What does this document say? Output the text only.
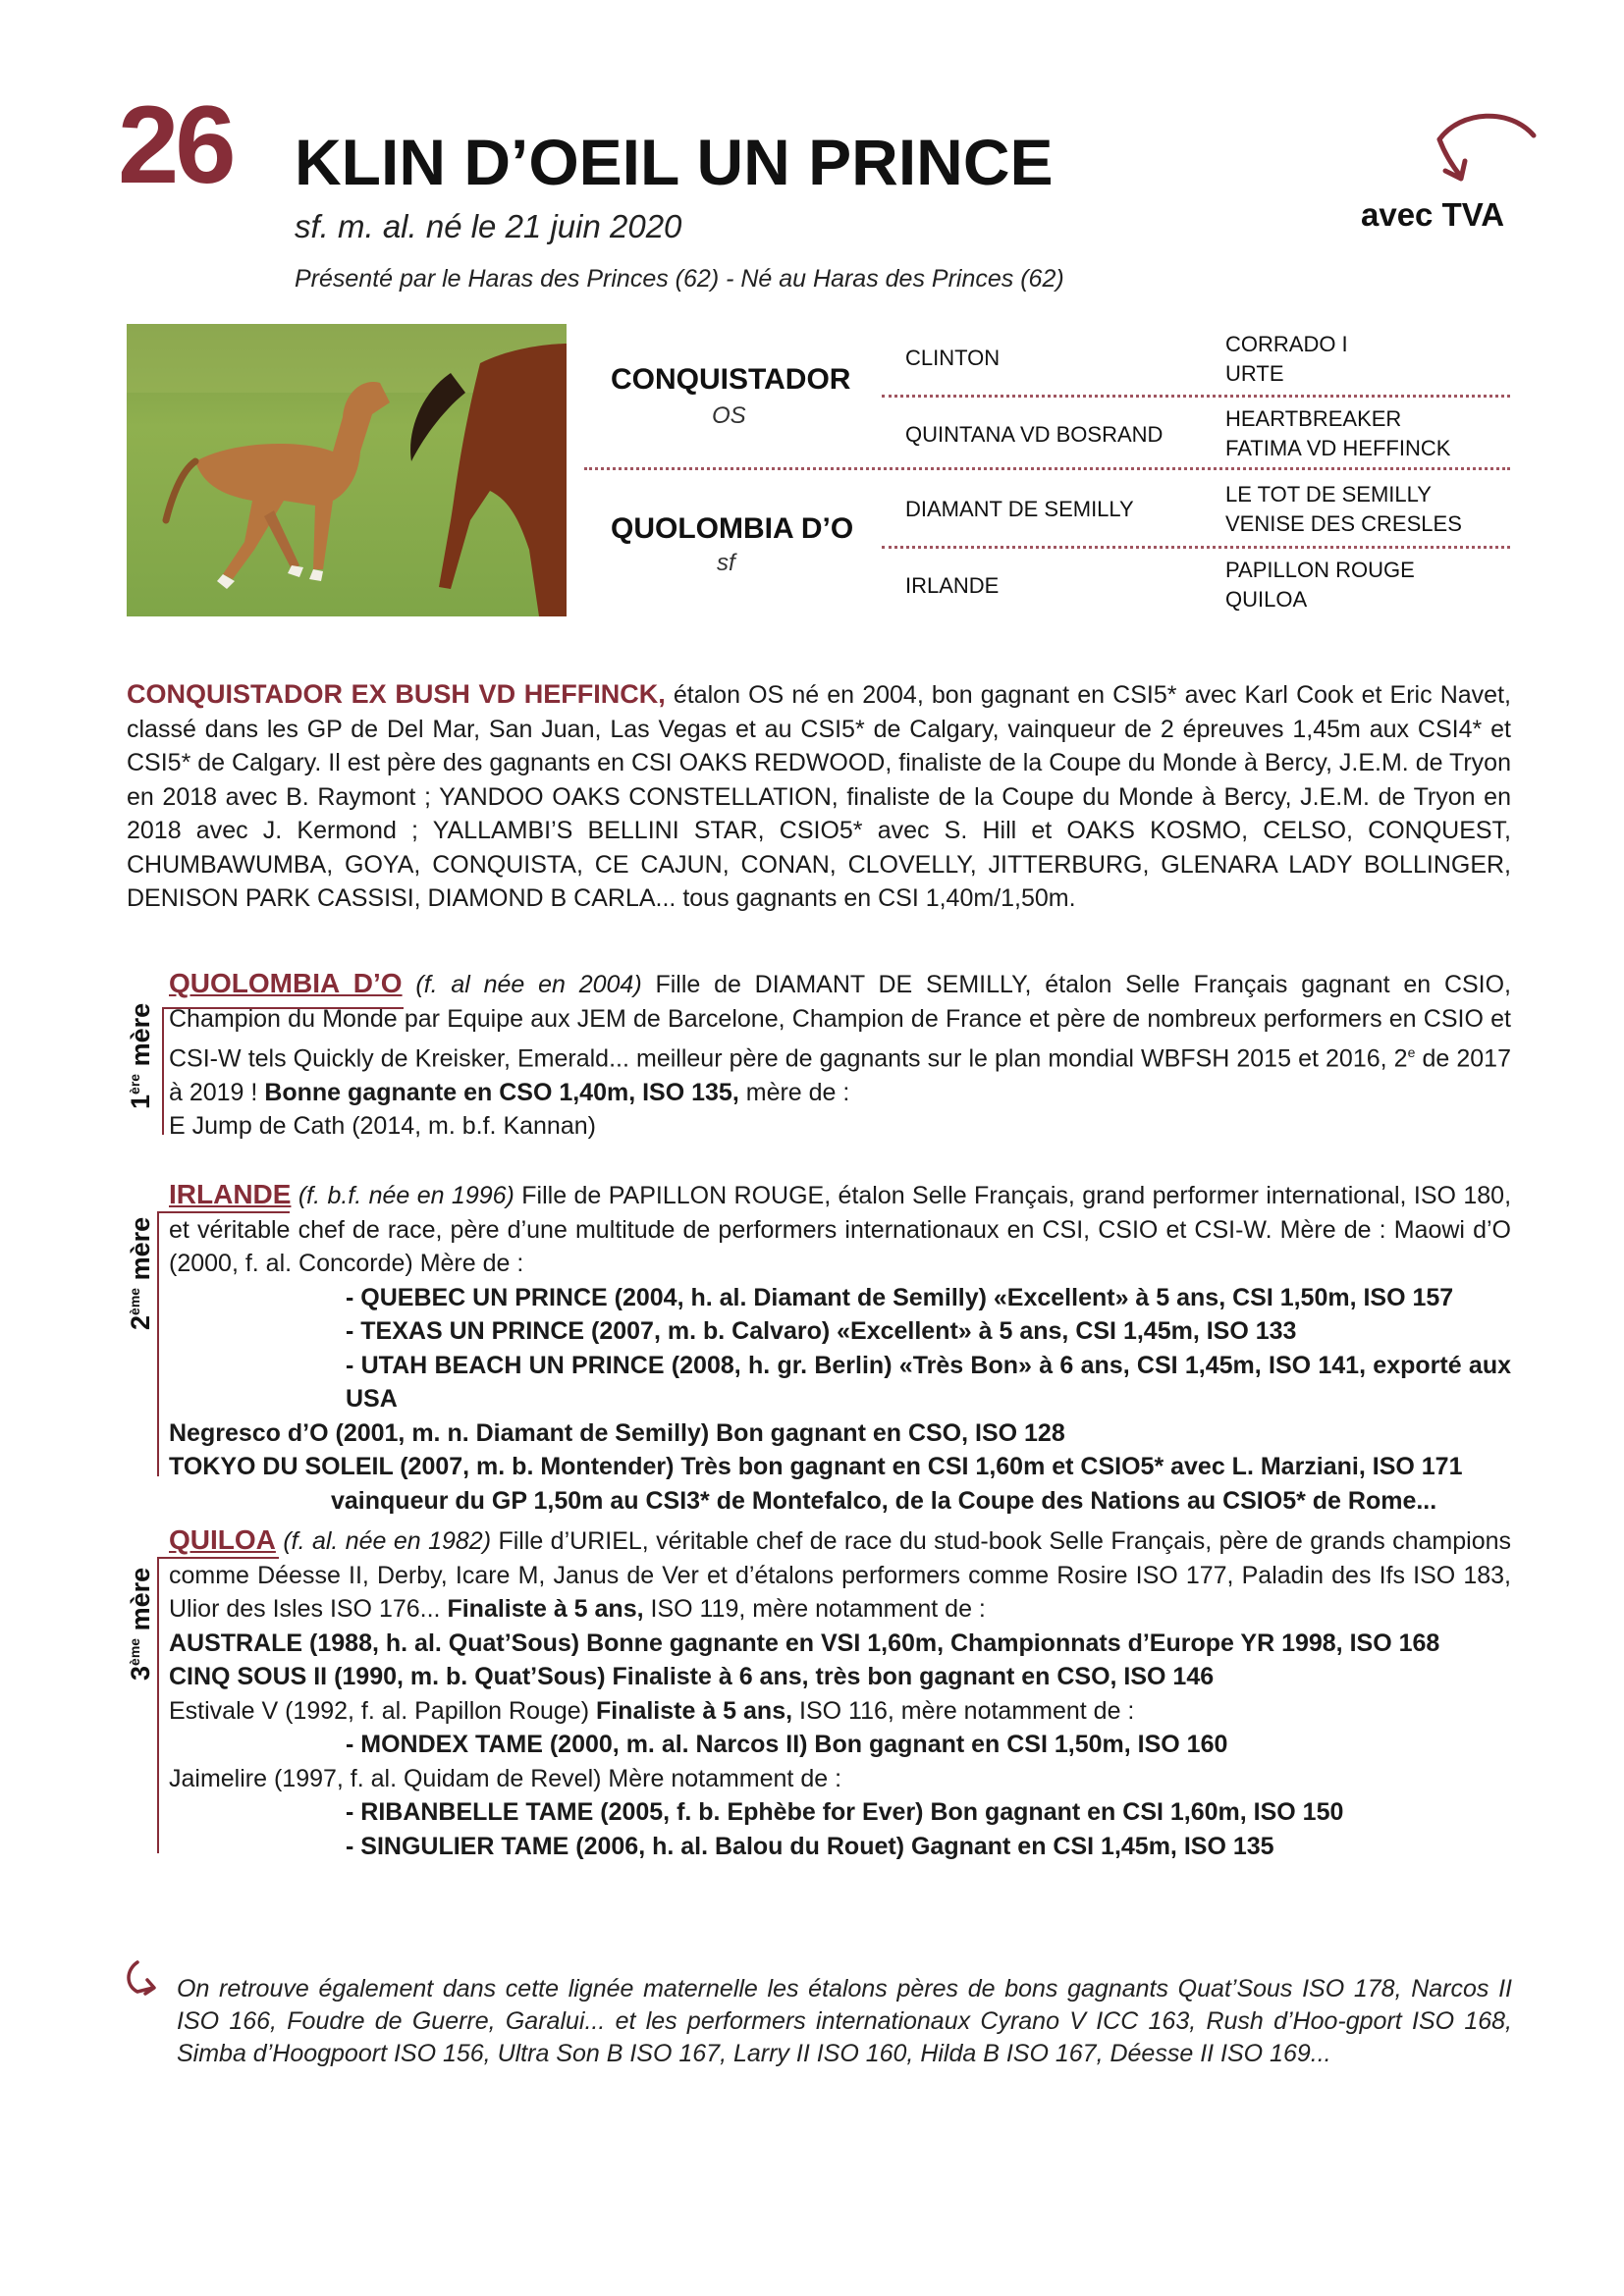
26 KLIN D’OEIL UN PRINCE
sf. m. al. né le 21 juin 2020
Présenté par le Haras des Princes (62) - Né au Haras des Princes (62)
avec TVA
CONQUISTADOR
OS
QUOLOMBIA D’O
sf
CLINTON
QUINTANA VD BOSRAND
DIAMANT DE SEMILLY
IRLANDE
CORRADO I
URTE
HEARTBREAKER
FATIMA VD HEFFINCK
LE TOT DE SEMILLY
VENISE DES CRESLES
PAPILLON ROUGE
QUILOA
CONQUISTADOR EX BUSH VD HEFFINCK, étalon OS né en 2004, bon gagnant en CSI5* avec Karl Cook et Eric Navet, classé dans les GP de Del Mar, San Juan, Las Vegas et au CSI5* de Calgary, vainqueur de 2 épreuves 1,45m aux CSI4* et CSI5* de Calgary. Il est père des gagnants en CSI OAKS REDWOOD, finaliste de la Coupe du Monde à Bercy, J.E.M. de Tryon en 2018 avec B. Raymont ; YANDOO OAKS CONSTELLATION, finaliste de la Coupe du Monde à Bercy, J.E.M. de Tryon en 2018 avec J. Kermond ; YALLAMBI’S BELLINI STAR, CSIO5* avec S. Hill et OAKS KOSMO, CELSO, CONQUEST, CHUMBAWUMBA, GOYA, CONQUISTA, CE CAJUN, CONAN, CLOVELLY, JITTERBURG, GLENARA LADY BOLLINGER, DENISON PARK CASSISI, DIAMOND B CARLA... tous gagnants en CSI 1,40m/1,50m.
1ère mère
QUOLOMBIA D’O (f. al née en 2004) Fille de DIAMANT DE SEMILLY, étalon Selle Français gagnant en CSIO, Champion du Monde par Equipe aux JEM de Barcelone, Champion de France et père de nombreux performers en CSIO et CSI-W tels Quickly de Kreisker, Emerald... meilleur père de gagnants sur le plan mondial WBFSH 2015 et 2016, 2e de 2017 à 2019 ! Bonne gagnante en CSO 1,40m, ISO 135, mère de :
E Jump de Cath (2014, m. b.f. Kannan)
2ème mère
IRLANDE (f. b.f. née en 1996) Fille de PAPILLON ROUGE, étalon Selle Français, grand performer international, ISO 180, et véritable chef de race, père d’une multitude de performers internationaux en CSI, CSIO et CSI-W. Mère de : Maowi d’O (2000, f. al. Concorde) Mère de :
- QUEBEC UN PRINCE (2004, h. al. Diamant de Semilly) «Excellent» à 5 ans, CSI 1,50m, ISO 157
- TEXAS UN PRINCE (2007, m. b. Calvaro) «Excellent» à 5 ans, CSI 1,45m, ISO 133
- UTAH BEACH UN PRINCE (2008, h. gr. Berlin) «Très Bon» à 6 ans, CSI 1,45m, ISO 141, exporté aux USA
Negresco d’O (2001, m. n. Diamant de Semilly) Bon gagnant en CSO, ISO 128
TOKYO DU SOLEIL (2007, m. b. Montender) Très bon gagnant en CSI 1,60m et CSIO5* avec L. Marziani, ISO 171
vainqueur du GP 1,50m au CSI3* de Montefalco, de la Coupe des Nations au CSIO5* de Rome...
3ème mère
QUILOA (f. al. née en 1982) Fille d’URIEL, véritable chef de race du stud-book Selle Français, père de grands champions comme Déesse II, Derby, Icare M, Janus de Ver et d’étalons performers comme Rosire ISO 177, Paladin des Ifs ISO 183, Ulior des Isles ISO 176... Finaliste à 5 ans, ISO 119, mère notamment de :
AUSTRALE (1988, h. al. Quat’Sous) Bonne gagnante en VSI 1,60m, Championnats d’Europe YR 1998, ISO 168
CINQ SOUS II (1990, m. b. Quat’Sous) Finaliste à 6 ans, très bon gagnant en CSO, ISO 146
Estivale V (1992, f. al. Papillon Rouge) Finaliste à 5 ans, ISO 116, mère notamment de :
- MONDEX TAME (2000, m. al. Narcos II) Bon gagnant en CSI 1,50m, ISO 160
Jaimelire (1997, f. al. Quidam de Revel) Mère notamment de :
- RIBANBELLE TAME (2005, f. b. Ephèbe for Ever) Bon gagnant en CSI 1,60m, ISO 150
- SINGULIER TAME (2006, h. al. Balou du Rouet) Gagnant en CSI 1,45m, ISO 135
On retrouve également dans cette lignée maternelle les étalons pères de bons gagnants Quat’Sous ISO 178, Narcos II ISO 166, Foudre de Guerre, Garalui... et les performers internationaux Cyrano V ICC 163, Rush d’Hoo-gport ISO 168, Simba d’Hoogpoort ISO 156, Ultra Son B ISO 167, Larry II ISO 160, Hilda B ISO 167, Déesse II ISO 169...
